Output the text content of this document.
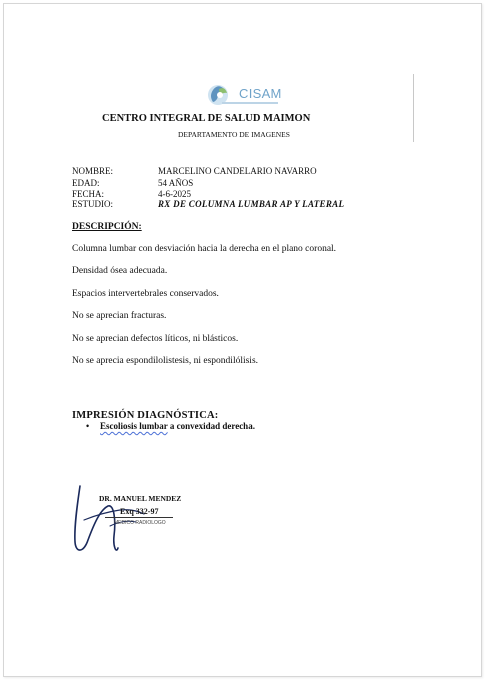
CISAM
CENTRO INTEGRAL DE SALUD MAIMON
DEPARTAMENTO DE IMAGENES
NOMBRE:	MARCELINO CANDELARIO NAVARRO
EDAD:	54 AÑOS
FECHA:	4-6-2025
ESTUDIO:	RX DE COLUMNA LUMBAR AP Y LATERAL
DESCRIPCIÓN:
Columna lumbar con desviación hacia la derecha en el plano coronal.
Densidad ósea adecuada.
Espacios intervertebrales conservados.
No se aprecian fracturas.
No se aprecian defectos líticos, ni blásticos.
No se aprecia espondilolistesis, ni espondilólisis.
IMPRESIÓN DIAGNÓSTICA:
• Escoliosis lumbar a convexidad derecha.
DR. MANUEL MENDEZ
Exq 332-97
MEDICO RADIOLOGO
